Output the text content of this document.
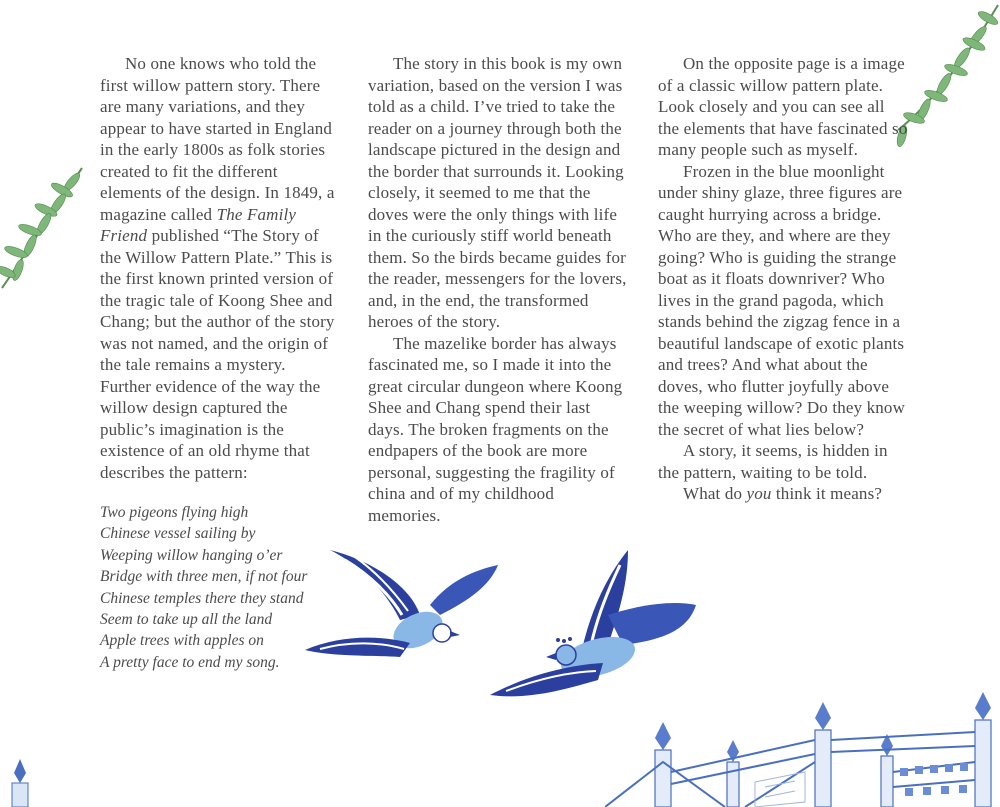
No one knows who told the first willow pattern story. There are many variations, and they appear to have started in England in the early 1800s as folk stories created to fit the different elements of the design. In 1849, a magazine called The Family Friend published “The Story of the Willow Pattern Plate.” This is the first known printed version of the tragic tale of Koong Shee and Chang; but the author of the story was not named, and the origin of the tale remains a mystery. Further evidence of the way the willow design captured the public’s imagination is the existence of an old rhyme that describes the pattern:

Two pigeons flying high
Chinese vessel sailing by
Weeping willow hanging o’er
Bridge with three men, if not four
Chinese temples there they stand
Seem to take up all the land
Apple trees with apples on
A pretty face to end my song.

The story in this book is my own variation, based on the version I was told as a child. I’ve tried to take the reader on a journey through both the landscape pictured in the design and the border that surrounds it. Looking closely, it seemed to me that the doves were the only things with life in the curiously stiff world beneath them. So the birds became guides for the reader, messengers for the lovers, and, in the end, the transformed heroes of the story.

The mazelike border has always fascinated me, so I made it into the great circular dungeon where Koong Shee and Chang spend their last days. The broken fragments on the endpapers of the book are more personal, suggesting the fragility of china and of my childhood memories.

On the opposite page is a image of a classic willow pattern plate. Look closely and you can see all the elements that have fascinated so many people such as myself.

Frozen in the blue moonlight under shiny glaze, three figures are caught hurrying across a bridge. Who are they, and where are they going? Who is guiding the strange boat as it floats downriver? Who lives in the grand pagoda, which stands behind the zigzag fence in a beautiful landscape of exotic plants and trees? And what about the doves, who flutter joyfully above the weeping willow? Do they know the secret of what lies below?

A story, it seems, is hidden in the pattern, waiting to be told.

What do you think it means?
